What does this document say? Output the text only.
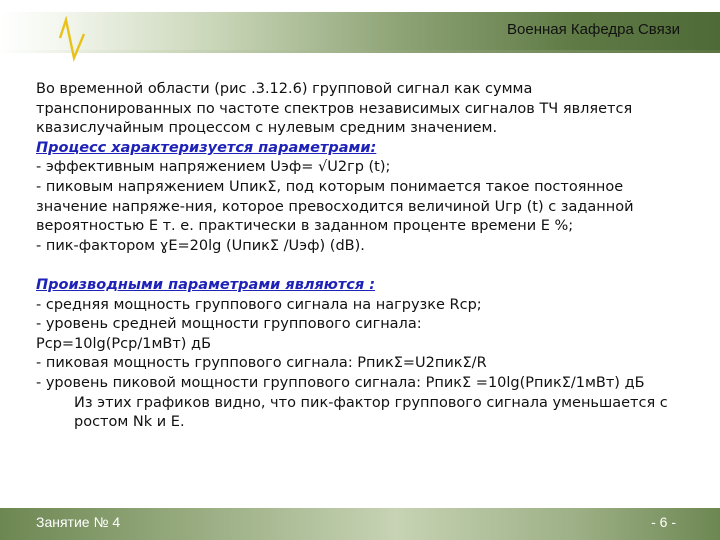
Военная Кафедра Связи

Во временной области (рис .3.12.6) групповой сигнал как сумма транспонированных по частоте спектров независимых сигналов ТЧ является квазислучайным процессом с нулевым средним значением.

Процесс характеризуется параметрами:

- эффективным напряжением Uэф= √U2гр (t);

- пиковым напряжением UпикΣ, под которым понимается такое постоянное значение напряже-ния, которое превосходится величиной Uгр (t) с заданной вероятностью Е т. е. практически в заданном проценте времени Е %;

- пик-фактором ɣE=20lg (UпикΣ /Uэф) (dB).

Производными параметрами являются :

- средняя мощность группового сигнала на нагрузке Rср;

- уровень средней мощности группового сигнала:

Рср=10lg(Рср/1мВт) дБ

- пиковая мощность группового сигнала: РпикΣ=U2пикΣ/R

- уровень пиковой мощности группового сигнала: РпикΣ =10lg(РпикΣ/1мВт) дБ

Из этих графиков видно, что пик-фактор группового сигнала уменьшается с ростом Nk и E.

Занятие № 4	- 6 -
